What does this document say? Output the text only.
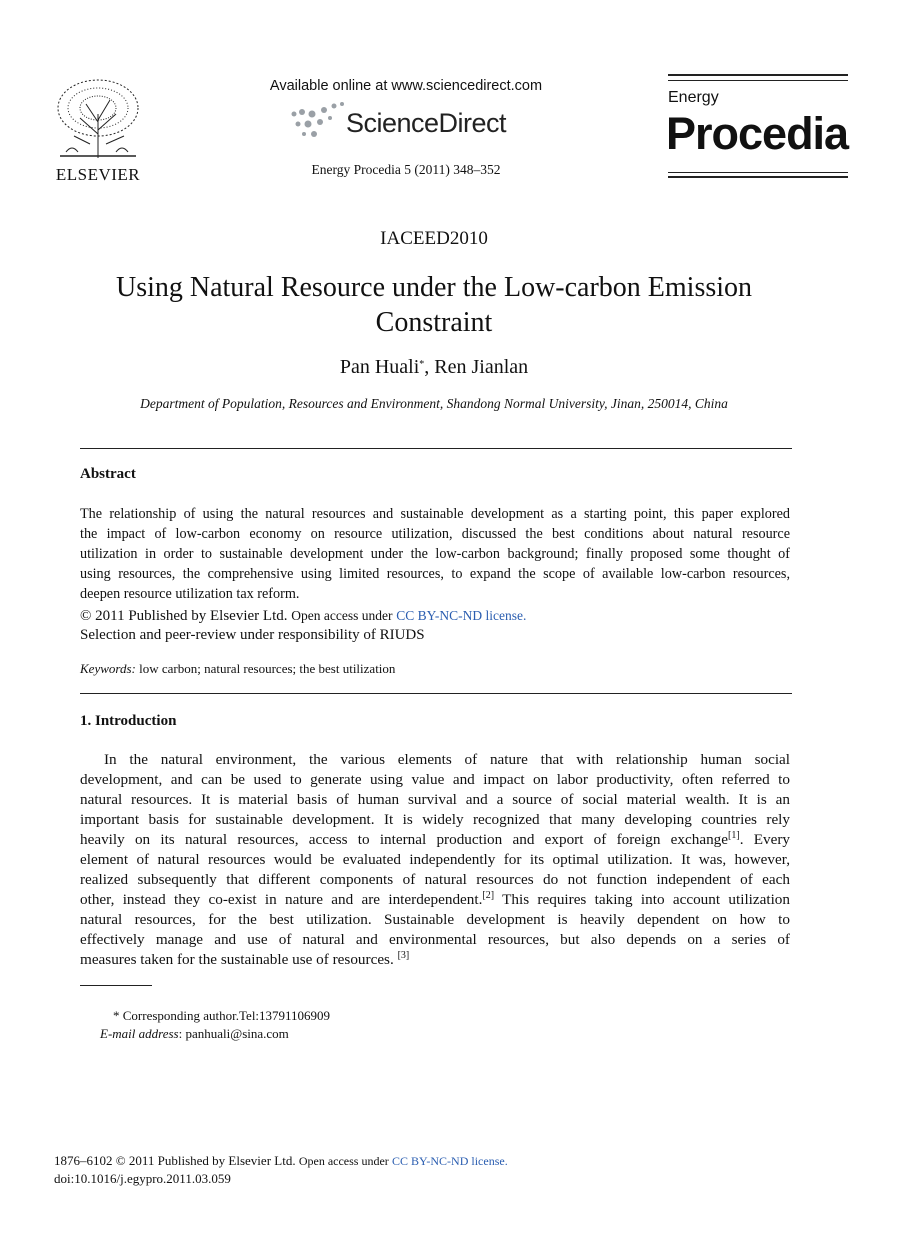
ELSEVIER
Available online at www.sciencedirect.com
ScienceDirect
Energy Procedia 5 (2011) 348–352
Energy
Procedia
IACEED2010
Using Natural Resource under the Low-carbon Emission
Constraint
Pan Huali*, Ren Jianlan
Department of Population, Resources and Environment, Shandong Normal University, Jinan, 250014, China
Abstract
The relationship of using the natural resources and sustainable development as a starting point, this paper explored
the impact of low-carbon economy on resource utilization, discussed the best conditions about natural resource
utilization in order to sustainable development under the low-carbon background; finally proposed some thought of
using resources, the comprehensive using limited resources, to expand the scope of available low-carbon resources,
deepen resource utilization tax reform.
© 2011 Published by Elsevier Ltd. Open access under CC BY-NC-ND license.
Selection and peer-review under responsibility of RIUDS
Keywords: low carbon; natural resources; the best utilization
1. Introduction
In the natural environment, the various elements of nature that with relationship human social
development, and can be used to generate using value and impact on labor productivity, often referred to
natural resources. It is material basis of human survival and a source of social material wealth. It is an
important basis for sustainable development. It is widely recognized that many developing countries rely
heavily on its natural resources, access to internal production and export of foreign exchange[1]. Every
element of natural resources would be evaluated independently for its optimal utilization. It was, however,
realized subsequently that different components of natural resources do not function independent of each
other, instead they co-exist in nature and are interdependent.[2] This requires taking into account utilization
natural resources, for the best utilization. Sustainable development is heavily dependent on how to
effectively manage and use of natural and environmental resources, but also depends on a series of
measures taken for the sustainable use of resources. [3]
* Corresponding author.Tel:13791106909
E-mail address: panhuali@sina.com
1876–6102 © 2011 Published by Elsevier Ltd. Open access under CC BY-NC-ND license.
doi:10.1016/j.egypro.2011.03.059
